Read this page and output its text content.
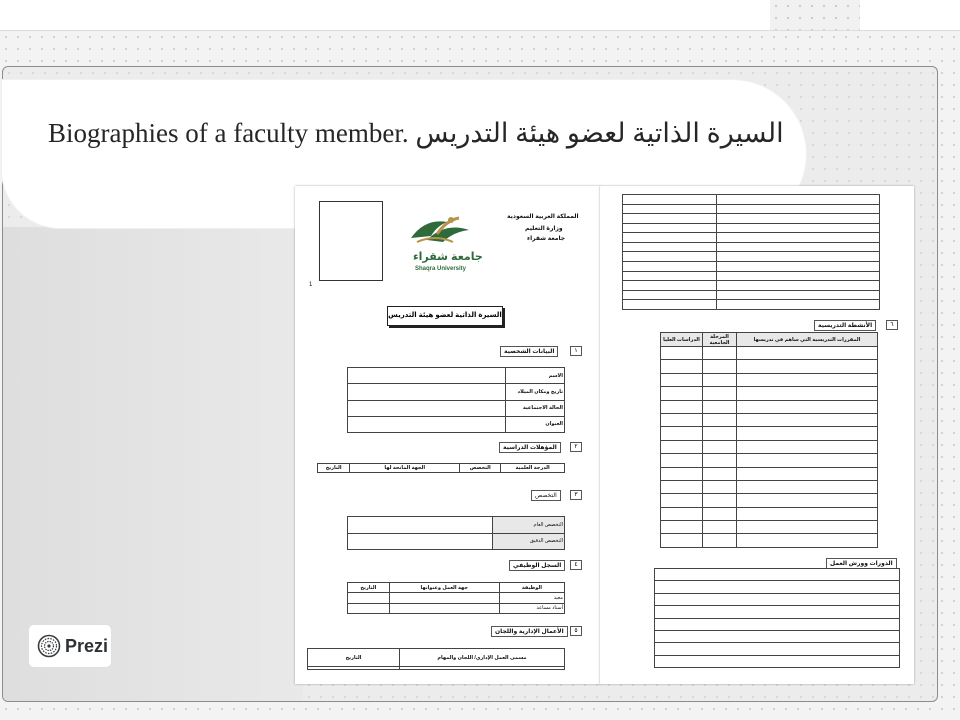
Biographies of a faculty member. السيرة الذاتية لعضو هيئة التدريس
1
جامعة شقراء
Shaqra University
المملكة العربية السعودية
وزارة التعليم
جامعة شقراء
السيرة الذاتية لعضو هيئة التدريس
١
البيانات الشخصية
	الاسم
	تاريخ ومكان الميلاد
	الحالة الاجتماعية
	العنوان
٢
المؤهلات الدراسية
التاريخ	الجهة المانحة لها	التخصص	الدرجة العلمية
٣
التخصص
	التخصص العام
	التخصص الدقيق
٤
السجل الوظيفي
التاريخ	جهة العمل وعنوانها	الوظيفة
		معيد
		أستاذ مساعد
٥
الأعمال الإدارية واللجان
التاريخ	مسمى العمل الإداري/ اللجان والمهام

٦
الأنشطة التدريسية
الدراسات العليا	المرحلة الجامعية	المقررات التدريسية التي ساهم في تدريسها

الدورات وورش العمل

Prezi
